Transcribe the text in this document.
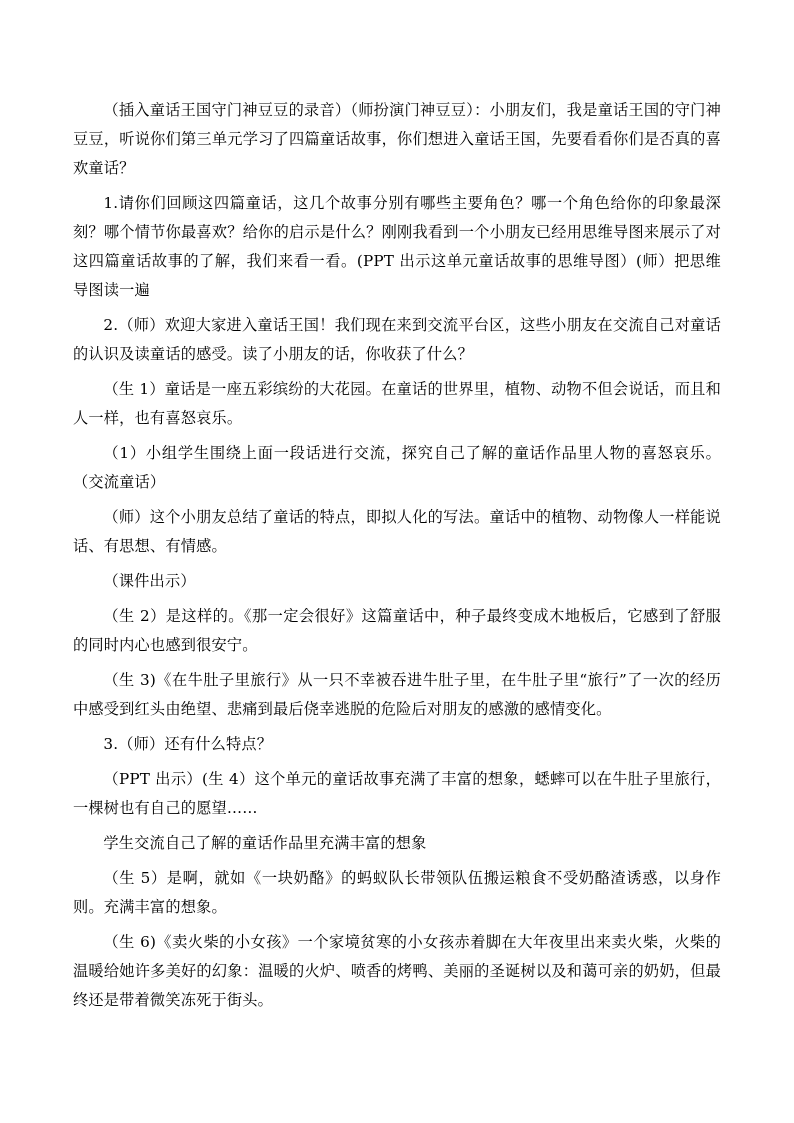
（插入童话王国守门神豆豆的录音）（师扮演门神豆豆）：小朋友们，我是童话王国的守门神豆豆，听说你们第三单元学习了四篇童话故事，你们想进入童话王国，先要看看你们是否真的喜欢童话？

1.请你们回顾这四篇童话，这几个故事分别有哪些主要角色？哪一个角色给你的印象最深刻？哪个情节你最喜欢？给你的启示是什么？刚刚我看到一个小朋友已经用思维导图来展示了对这四篇童话故事的了解，我们来看一看。(PPT 出示这单元童话故事的思维导图）(师）把思维导图读一遍

2.（师）欢迎大家进入童话王国！我们现在来到交流平台区，这些小朋友在交流自己对童话的认识及读童话的感受。读了小朋友的话，你收获了什么？

（生 1）童话是一座五彩缤纷的大花园。在童话的世界里，植物、动物不但会说话，而且和人一样，也有喜怒哀乐。

（1）小组学生围绕上面一段话进行交流，探究自己了解的童话作品里人物的喜怒哀乐。（交流童话）

（师）这个小朋友总结了童话的特点，即拟人化的写法。童话中的植物、动物像人一样能说话、有思想、有情感。

（课件出示）

（生 2）是这样的。《那一定会很好》这篇童话中，种子最终变成木地板后，它感到了舒服的同时内心也感到很安宁。

（生 3)《在牛肚子里旅行》从一只不幸被吞进牛肚子里，在牛肚子里“旅行”了一次的经历中感受到红头由绝望、悲痛到最后侥幸逃脱的危险后对朋友的感激的感情变化。

3.（师）还有什么特点？

（PPT 出示）(生 4）这个单元的童话故事充满了丰富的想象，蟋蟀可以在牛肚子里旅行，一棵树也有自己的愿望……

学生交流自己了解的童话作品里充满丰富的想象

（生 5）是啊，就如《一块奶酪》的蚂蚁队长带领队伍搬运粮食不受奶酪渣诱惑，以身作则。充满丰富的想象。

（生 6)《卖火柴的小女孩》一个家境贫寒的小女孩赤着脚在大年夜里出来卖火柴，火柴的温暖给她许多美好的幻象：温暖的火炉、喷香的烤鸭、美丽的圣诞树以及和蔼可亲的奶奶，但最终还是带着微笑冻死于街头。
